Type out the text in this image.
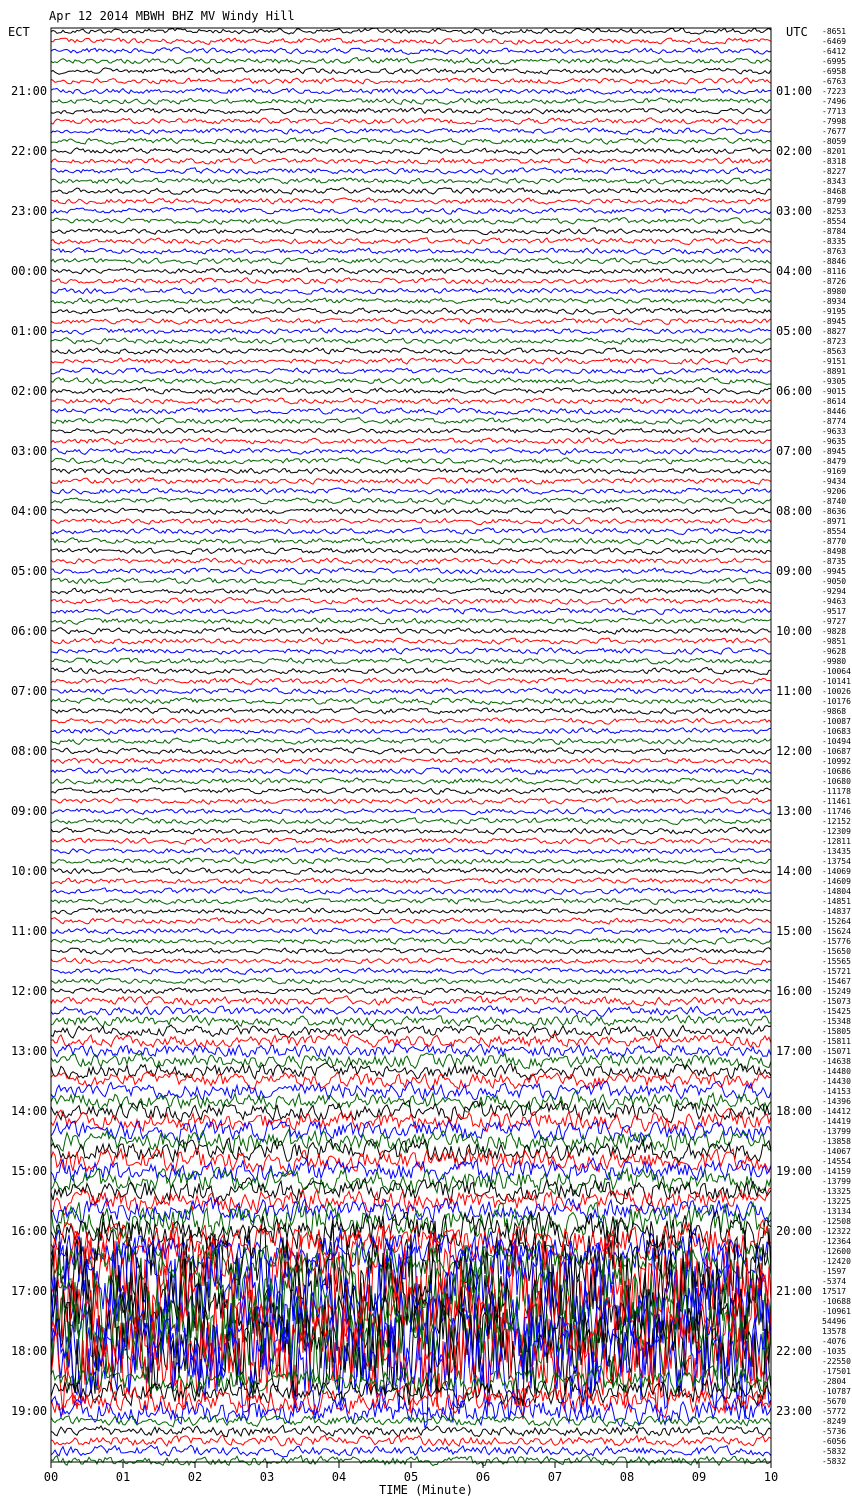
Apr 12 2014 MBWH BHZ MV Windy Hill
ECT	UTC
21:00
22:00
23:00
00:00
01:00
02:00
03:00
04:00
05:00
06:00
07:00
08:00
09:00
10:00
11:00
12:00
13:00
14:00
15:00
16:00
17:00
18:00
19:00
01:00
02:00
03:00
04:00
05:00
06:00
07:00
08:00
09:00
10:00
11:00
12:00
13:00
14:00
15:00
16:00
17:00
18:00
19:00
20:00
21:00
22:00
23:00
-8651
-6469
-6412
-6995
-6958
-6763
-7223
-7496
-7713
-7998
-7677
-8059
-8201
-8318
-8227
-8343
-8468
-8799
-8253
-8554
-8784
-8335
-8763
-8846
-8116
-8726
-8980
-8934
-9195
-8945
-8827
-8723
-8563
-9151
-8891
-9305
-9015
-8614
-8446
-8774
-9633
-9635
-8945
-8479
-9169
-9434
-9206
-8740
-8636
-8971
-8554
-8770
-8498
-8735
-9945
-9050
-9294
-9463
-9517
-9727
-9828
-9851
-9628
-9980
-10064
-10141
-10026
-10176
-9868
-10087
-10683
-10494
-10687
-10992
-10686
-10680
-11178
-11461
-11746
-12152
-12309
-12811
-13435
-13754
-14069
-14609
-14804
-14851
-14837
-15264
-15624
-15776
-15650
-15565
-15721
-15467
-15249
-15073
-15425
-15348
-15805
-15811
-15071
-14638
-14480
-14430
-14153
-14396
-14412
-14419
-13799
-13858
-14067
-14554
-14159
-13799
-13325
-13225
-13134
-12508
-12322
-12364
-12600
-12420
-1597
-5374
17517
-10688
-10961
54496
13578
-4076
-1035
-22550
-17501
-2804
-10787
-5670
-5772
-8249
-5736
-6056
-5832
-5832
00	01	02	03	04	05	06	07	08	09	10
TIME (Minute)
